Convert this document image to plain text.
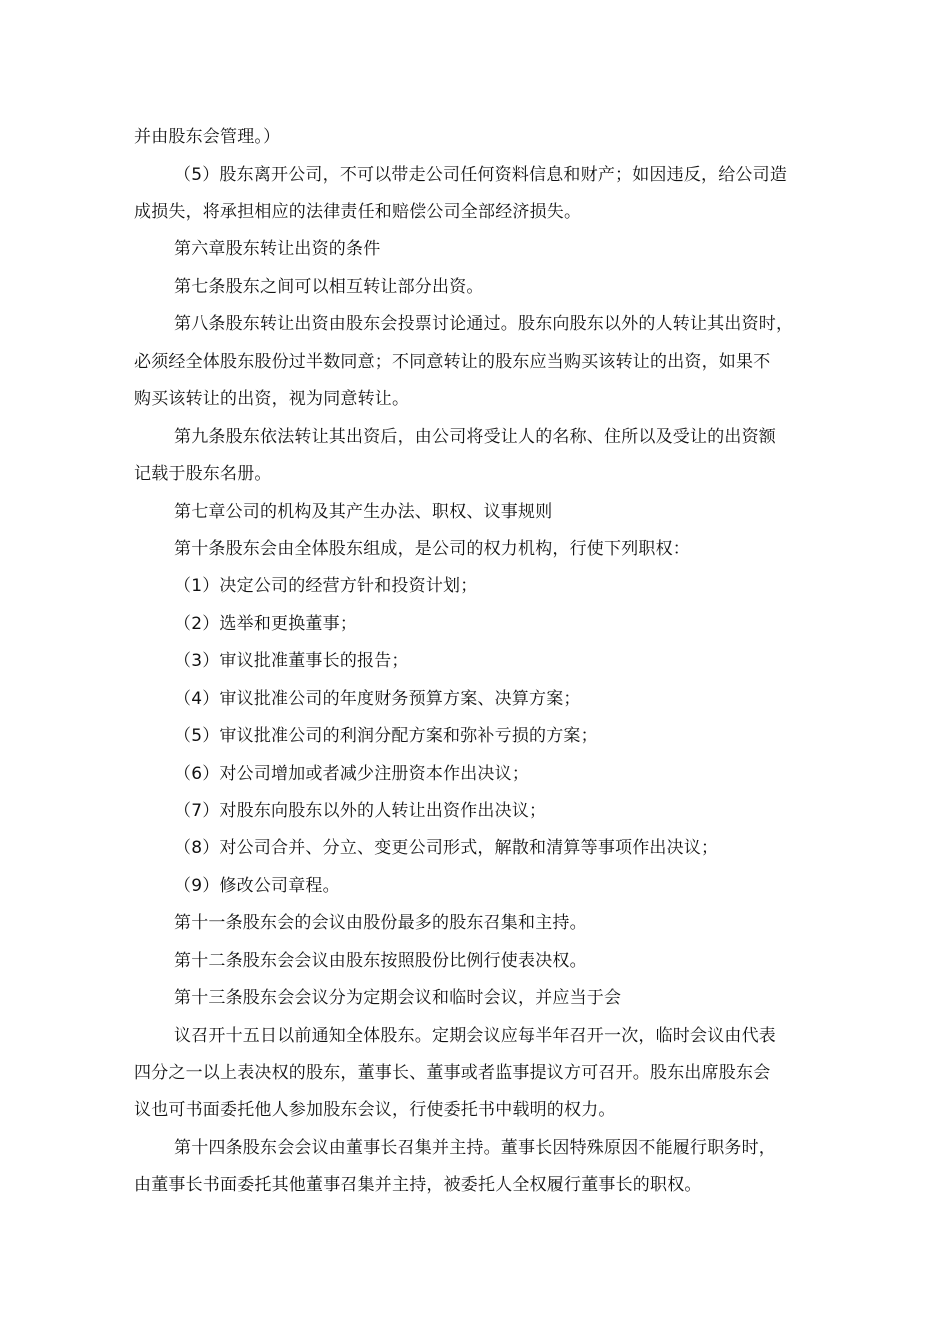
并由股东会管理。）
（5）股东离开公司，不可以带走公司任何资料信息和财产；如因违反，给公司造
成损失，将承担相应的法律责任和赔偿公司全部经济损失。
第六章股东转让出资的条件
第七条股东之间可以相互转让部分出资。
第八条股东转让出资由股东会投票讨论通过。股东向股东以外的人转让其出资时，
必须经全体股东股份过半数同意；不同意转让的股东应当购买该转让的出资，如果不
购买该转让的出资，视为同意转让。
第九条股东依法转让其出资后，由公司将受让人的名称、住所以及受让的出资额
记载于股东名册。
第七章公司的机构及其产生办法、职权、议事规则
第十条股东会由全体股东组成，是公司的权力机构，行使下列职权：
（1）决定公司的经营方针和投资计划；
（2）选举和更换董事；
（3）审议批准董事长的报告；
（4）审议批准公司的年度财务预算方案、决算方案；
（5）审议批准公司的利润分配方案和弥补亏损的方案；
（6）对公司增加或者减少注册资本作出决议；
（7）对股东向股东以外的人转让出资作出决议；
（8）对公司合并、分立、变更公司形式，解散和清算等事项作出决议；
（9）修改公司章程。
第十一条股东会的会议由股份最多的股东召集和主持。
第十二条股东会会议由股东按照股份比例行使表决权。
第十三条股东会会议分为定期会议和临时会议，并应当于会
议召开十五日以前通知全体股东。定期会议应每半年召开一次，临时会议由代表
四分之一以上表决权的股东，董事长、董事或者监事提议方可召开。股东出席股东会
议也可书面委托他人参加股东会议，行使委托书中载明的权力。
第十四条股东会会议由董事长召集并主持。董事长因特殊原因不能履行职务时，
由董事长书面委托其他董事召集并主持，被委托人全权履行董事长的职权。
